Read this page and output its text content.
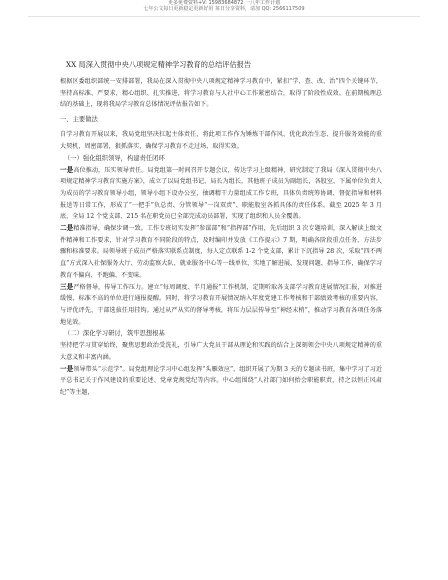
更多免费资料+V: 15983684872 一八年工作计划
七年公文每日更新稳定更新好用 每日分享资料，请加 QQ: 2566117509
XX 局深入贯彻中央八项规定精神学习教育的总结评估报告

根据区委组织部统一安排部署，我局在深入贯彻中央八项规定精神学习教育中，紧扣“学、查、改、治”四个关键环节，坚持高标准、严要求，精心组织、扎实推进，将学习教育与人社中心工作紧密结合，取得了阶段性成效。在前期梳理总结的基础上，现将我局学习教育总体情况评估报告如下。

一、主要做法

自学习教育开展以来，我局党组坚决扛起主体责任，将此项工作作为锤炼干部作风、优化政治生态、提升服务效能的重大契机，周密部署，狠抓落实，确保学习教育不走过场、取得实效。

（一）强化组织领导，构建责任闭环

一是高位推动，压实领导责任。局党组第一时间召开专题会议，传达学习上级精神，研究制定了我局《深入贯彻中央八项规定精神学习教育实施方案》，成立了以局党组书记、局长为组长，其他班子成员为副组长，各股室、下属单位负责人为成员的学习教育领导小组，领导小组下设办公室，抽调精干力量组成工作专班，具体负责统筹协调、督促指导和材料报送等日常工作，形成了“一把手”负总责、分管领导“一岗双责”、职能股室各抓具体的责任体系。截至 2025 年 3 月底，全局 12 个党支部、215 名在职党员已全部完成动员部署，实现了组织和人员全覆盖。

二是精准指导，确保步调一致。工作专班切实发挥“参谋部”和“指挥部”作用，先后组织 3 次专题培训，深入解读上级文件精神和工作要求，针对学习教育不同阶段的特点，及时编印并发放《工作提示》7 期，明确各阶段重点任务、方法步骤和标准要求。局领导班子成员严格落实联系点制度，每人定点联系 1-2 个党支部，累计下沉指导 28 次，采取“四不两直”方式深入社保服务大厅、劳动监察大队、就业服务中心等一线单位，实地了解进展、发现问题、指导工作，确保学习教育不偏向、不跑偏、不变味。

三是严格督导，传导工作压力。建立“每周调度、半月通报”工作机制，定期听取各支部学习教育进展情况汇报，对推进缓慢、标准不高的单位进行通报提醒。同时，将学习教育开展情况纳入年度党建工作考核和干部绩效考核的重要内容，与评优评先、干部选拔任用挂钩。通过从严从实的督导考核，将压力层层传导至“神经末梢”，推动学习教育各项任务落地见效。

（二）深化学习研讨，筑牢思想根基

坚持把学习贯穿始终，聚焦思想政治受洗礼，引导广大党员干部从理论和实践的结合上深刻领会中央八项规定精神的重大意义和丰富内涵。

一是领导带头“示范学”。局党组理论学习中心组发挥“头雁效应”，组织开展了为期 3 天的专题读书班，集中学习了习近平总书记关于作风建设的重要论述、党章党规党纪等内容。中心组围绕“人社部门如何抬会职能职责，持之以恒正风肃纪”等主题，
